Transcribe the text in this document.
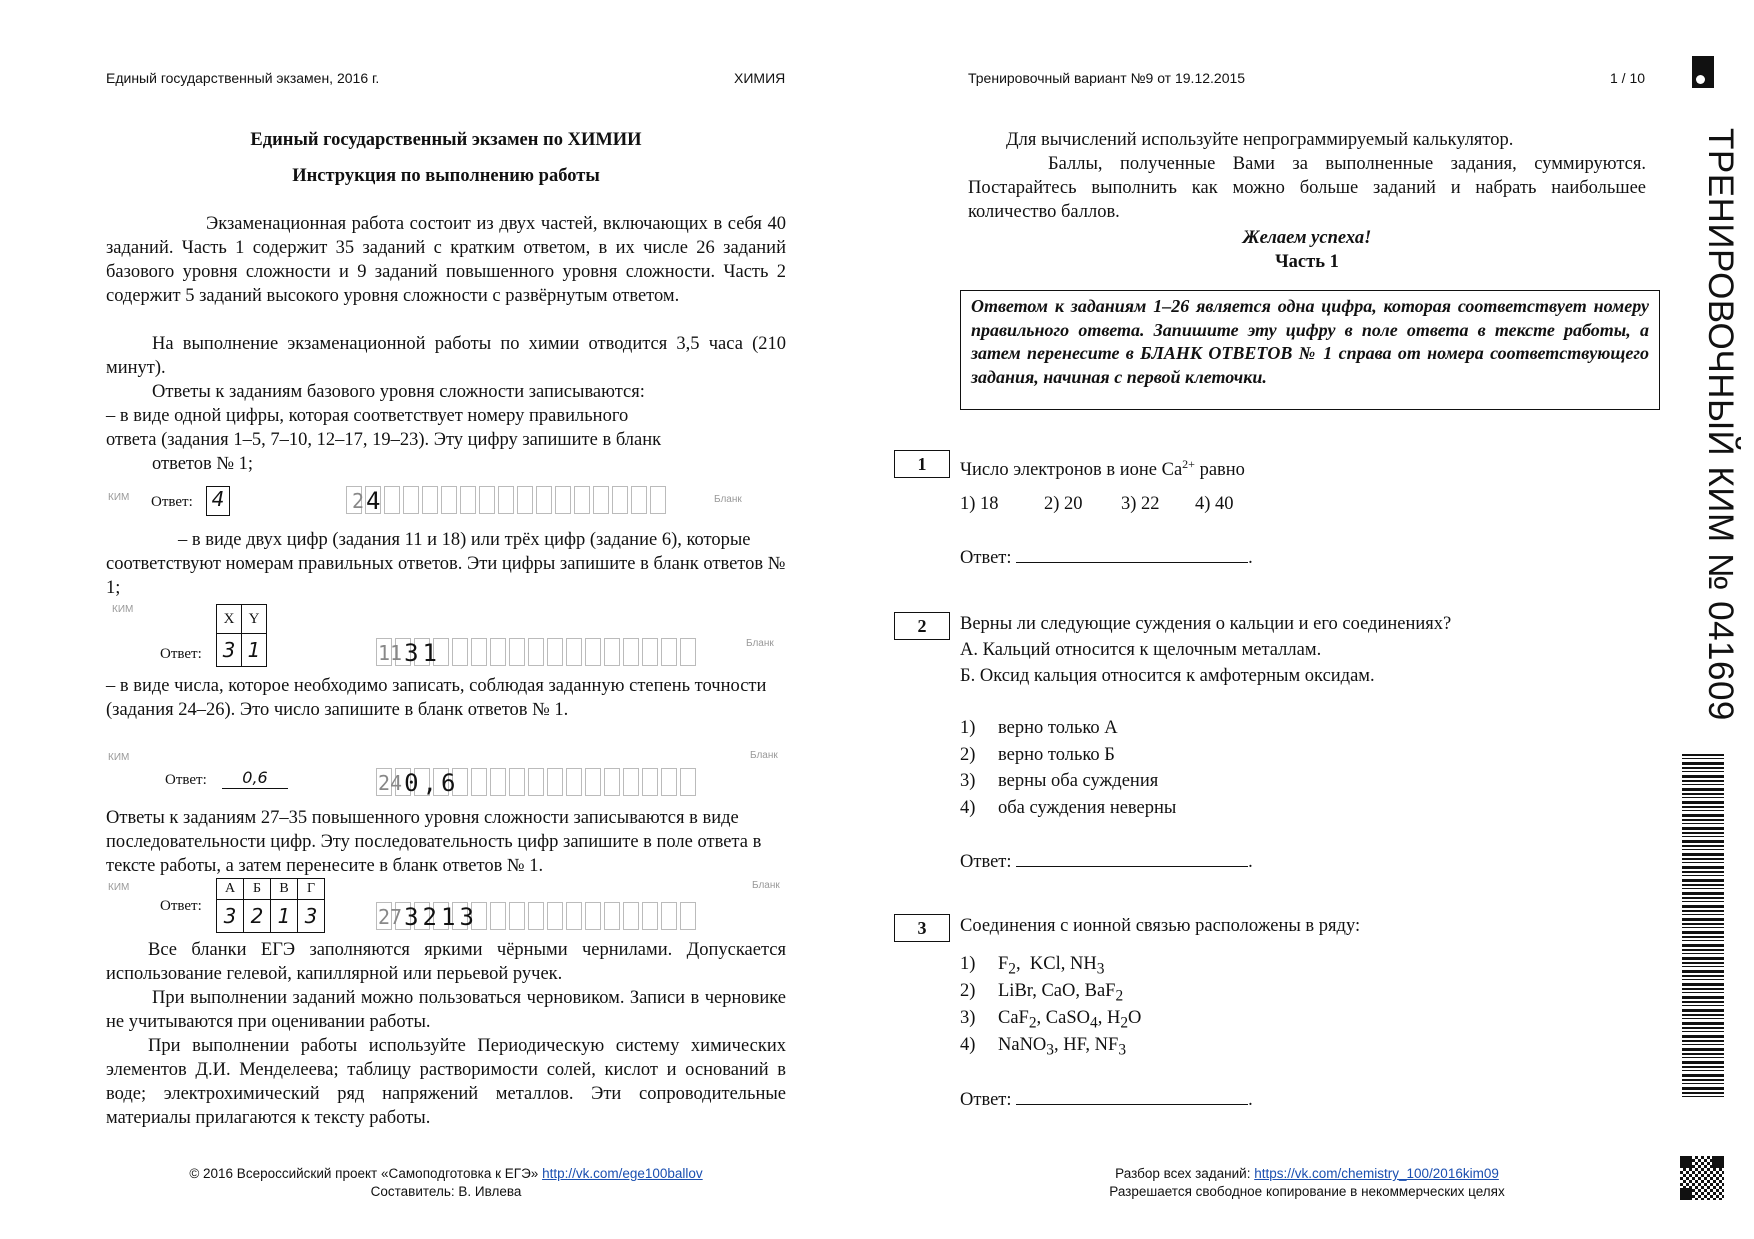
Единый государственный экзамен, 2016 г.	ХИМИЯ	Тренировочный вариант №9 от 19.12.2015	1 / 10
Единый государственный экзамен по ХИМИИ
Инструкция по выполнению работы
Экзаменационная работа состоит из двух частей, включающих в себя 40 заданий. Часть 1 содержит 35 заданий с кратким ответом, в их числе 26 заданий базового уровня сложности и 9 заданий повышенного уровня сложности. Часть 2 содержит 5 заданий высокого уровня сложности с развёрнутым ответом.
На выполнение экзаменационной работы по химии отводится 3,5 часа (210 минут).
Ответы к заданиям базового уровня сложности записываются:
– в виде одной цифры, которая соответствует номеру правильного
ответа (задания 1–5, 7–10, 12–17, 19–23). Эту цифру запишите в бланк
ответов № 1;
КИМ Ответ: 4	2 4	Бланк
– в виде двух цифр (задания 11 и 18) или трёх цифр (задание 6), которые соответствуют номерам правильных ответов. Эти цифры запишите в бланк ответов № 1;
КИМ
X	Y
3	1
Ответ:	11 3 1	Бланк
– в виде числа, которое необходимо записать, соблюдая заданную степень точности (задания 24–26). Это число запишите в бланк ответов № 1.
КИМ
Ответ:	0,6	24 0 , 6
Бланк
Ответы к заданиям 27–35 повышенного уровня сложности записываются в виде последовательности цифр. Эту последовательность цифр запишите в поле ответа в тексте работы, а затем перенесите в бланк ответов № 1.
КИМ
Ответ:
А	Б	В	Г
3	2	1	3	27 3 2 1 3
Бланк
Все бланки ЕГЭ заполняются яркими чёрными чернилами. Допускается использование гелевой, капиллярной или перьевой ручек.
При выполнении заданий можно пользоваться черновиком. Записи в черновике не учитываются при оценивании работы.
При выполнении работы используйте Периодическую систему химических элементов Д.И. Менделеева; таблицу растворимости солей, кислот и оснований в воде; электрохимический ряд напряжений металлов. Эти сопроводительные материалы прилагаются к тексту работы.
© 2016 Всероссийский проект «Самоподготовка к ЕГЭ» http://vk.com/ege100ballov
Составитель: В. Ивлева
Для вычислений используйте непрограммируемый калькулятор.
Баллы, полученные Вами за выполненные задания, суммируются. Постарайтесь выполнить как можно больше заданий и набрать наибольшее количество баллов.
Желаем успеха!
Часть 1
Ответом к заданиям 1–26 является одна цифра, которая соответствует номеру правильного ответа. Запишите эту цифру в поле ответа в тексте работы, а затем перенесите в БЛАНК ОТВЕТОВ № 1 справа от номера соответствующего задания, начиная с первой клеточки.
1	Число электронов в ионе $Ca^{2+}$ равно
1) 18	2) 20	3) 22	4) 40
Ответ:	.
2	Верны ли следующие суждения о кальции и его соединениях?
А. Кальций относится к щелочным металлам.
Б. Оксид кальция относится к амфотерным оксидам.
1)	верно только А
2)	верно только Б
3)	верны оба суждения
4)	оба суждения неверны
Ответ:	.
3	Соединения с ионной связью расположены в ряду:
1)	$F_2$,  KCl, $NH_3$
2)	LiBr, CaO, BaF$_2$
3)	CaF$_2$, CaSO$_4$, $H_2O$
4)	NaNO$_3$, HF, $NF_3$
Ответ:	.
Разбор всех заданий: https://vk.com/chemistry_100/2016kim09
Разрешается свободное копирование в некоммерческих целях
ТРЕНИРОВОЧНЫЙ КИМ № 041609
